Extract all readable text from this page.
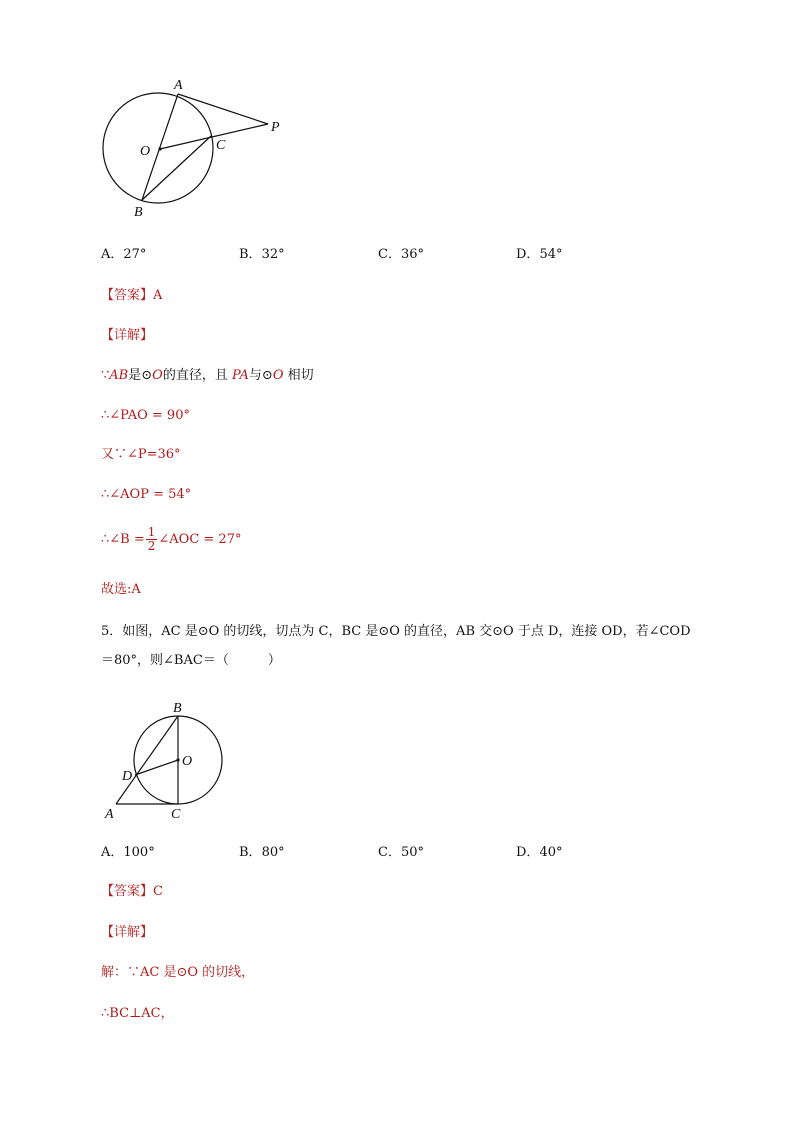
A
O	C
P
B
A．27°	B．32°	C．36°	D．54°
【答案】A
【详解】
∵AB是⊙O的直径，且 PA与⊙O 相切
∴∠PAO = 90°
又∵∠P=36°
∴∠AOP = 54°
∴∠B = $\frac{1}{2}$ ∠AOC = 27°
故选:A
5．如图，AC 是⊙O 的切线，切点为 C，BC 是⊙O 的直径，AB 交⊙O 于点 D，连接 OD，若∠COD
＝80°，则∠BAC＝（　　　）
B
O
D
A	C
A．100°	B．80°	C．50°	D．40°
【答案】C
【详解】
解：∵AC 是⊙O 的切线，
∴BC⊥AC，
